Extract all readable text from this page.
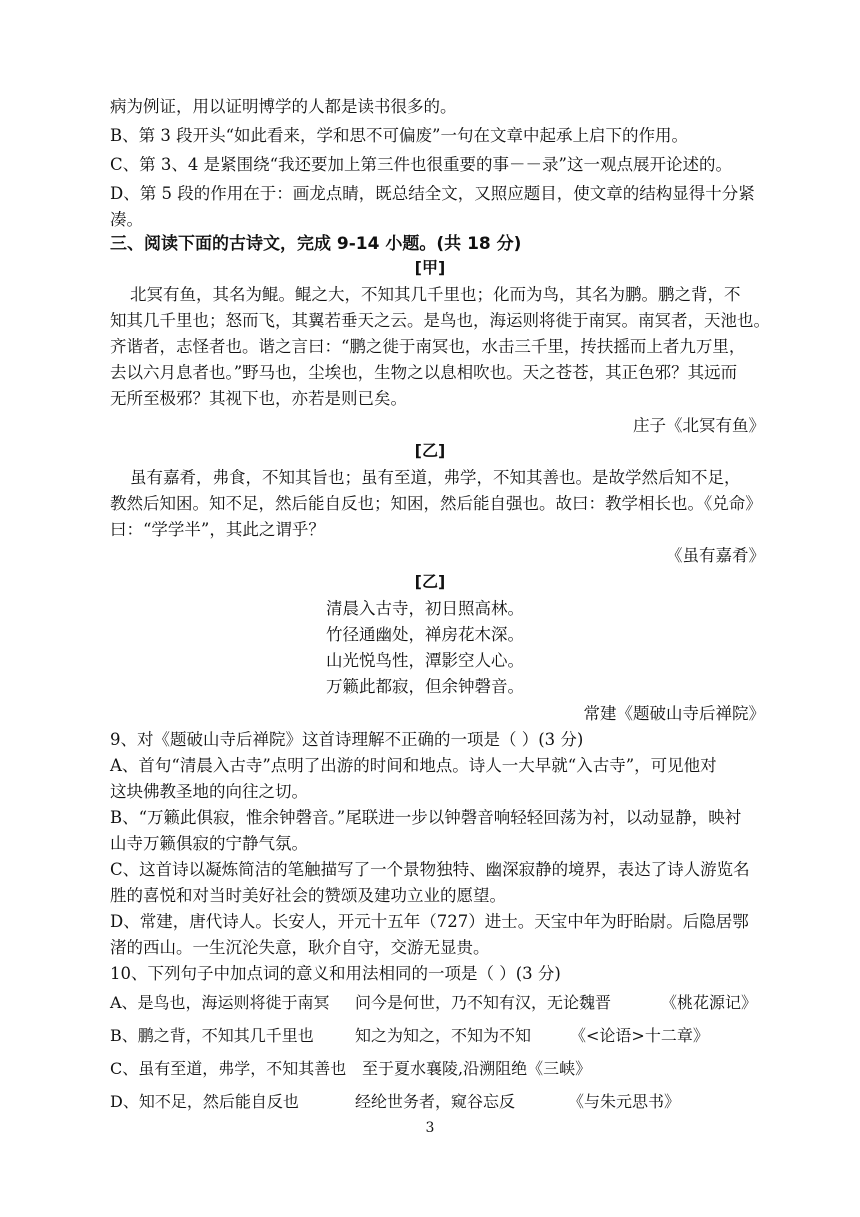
病为例证，用以证明博学的人都是读书很多的。
B、第 3 段开头“如此看来，学和思不可偏废”一句在文章中起承上启下的作用。
C、第 3、4 是紧围绕“我还要加上第三件也很重要的事－－录”这一观点展开论述的。
D、第 5 段的作用在于：画龙点睛，既总结全文，又照应题目，使文章的结构显得十分紧
凑。
三、阅读下面的古诗文，完成 9-14 小题。(共 18 分)
[甲]
北冥有鱼，其名为鲲。鲲之大，不知其几千里也；化而为鸟，其名为鹏。鹏之背，不
知其几千里也；怒而飞，其翼若垂天之云。是鸟也，海运则将徙于南冥。南冥者，天池也。
齐谐者，志怪者也。谐之言曰：“鹏之徙于南冥也，水击三千里，抟扶摇而上者九万里，
去以六月息者也。”野马也，尘埃也，生物之以息相吹也。天之苍苍，其正色邪？其远而
无所至极邪？其视下也，亦若是则已矣。
庄子《北冥有鱼》
[乙]
虽有嘉肴，弗食，不知其旨也；虽有至道，弗学，不知其善也。是故学然后知不足，
教然后知困。知不足，然后能自反也；知困，然后能自强也。故曰：教学相长也。《兑命》
曰：“学学半”，其此之谓乎？
《虽有嘉肴》
[乙]
清晨入古寺，初日照高林。
竹径通幽处，禅房花木深。
山光悦鸟性，潭影空人心。
万籁此都寂，但余钟磬音。
常建《题破山寺后禅院》
9、对《题破山寺后禅院》这首诗理解不正确的一项是（ ）(3 分)
A、首句“清晨入古寺”点明了出游的时间和地点。诗人一大早就“入古寺”，可见他对
这块佛教圣地的向往之切。
B、“万籁此俱寂，惟余钟磬音。”尾联进一步以钟磬音响轻轻回荡为衬，以动显静，映衬
山寺万籁俱寂的宁静气氛。
C、这首诗以凝炼简洁的笔触描写了一个景物独特、幽深寂静的境界，表达了诗人游览名
胜的喜悦和对当时美好社会的赞颂及建功立业的愿望。
D、常建，唐代诗人。长安人，开元十五年（727）进士。天宝中年为盱眙尉。后隐居鄂
渚的西山。一生沉沦失意，耿介自守，交游无显贵。
10、下列句子中加点词的意义和用法相同的一项是（ ）(3 分)
A、是鸟也，海运则将徙于南冥 问今是何世，乃不知有汉，无论魏晋	《桃花源记》
B、鹏之背，不知其几千里也	知之为知之，不知为不知 《<论语>十二章》
C、虽有至道，弗学，不知其善也 至于夏水襄陵,沿溯阻绝《三峡》
D、知不足，然后能自反也	经纶世务者，窥谷忘反	《与朱元思书》
3
